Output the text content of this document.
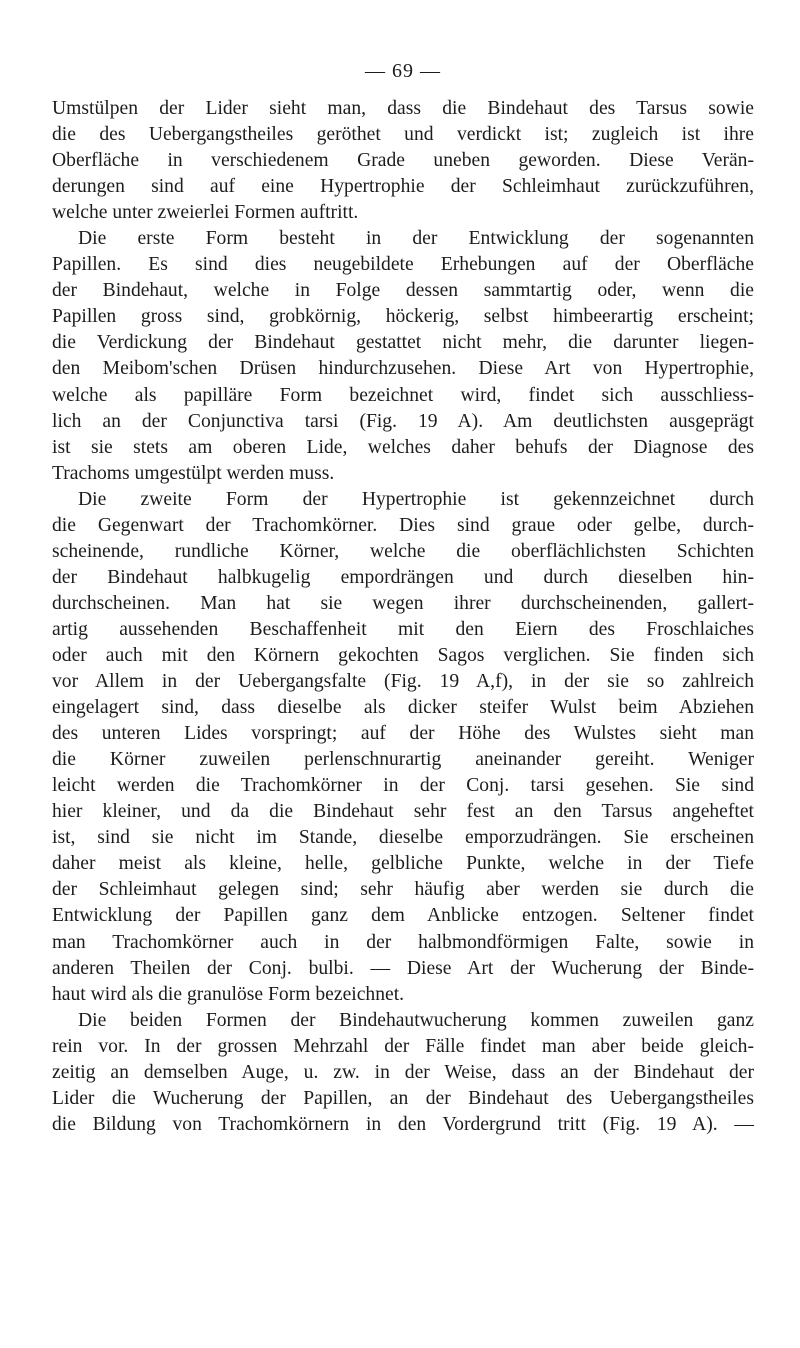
— 69 —
Umstülpen der Lider sieht man, dass die Bindehaut des Tarsus sowie
die des Uebergangstheiles geröthet und verdickt ist; zugleich ist ihre
Oberfläche in verschiedenem Grade uneben geworden. Diese Verän-
derungen sind auf eine Hypertrophie der Schleimhaut zurückzuführen,
welche unter zweierlei Formen auftritt.
Die erste Form besteht in der Entwicklung der sogenannten
Papillen. Es sind dies neugebildete Erhebungen auf der Oberfläche
der Bindehaut, welche in Folge dessen sammtartig oder, wenn die
Papillen gross sind, grobkörnig, höckerig, selbst himbeerartig erscheint;
die Verdickung der Bindehaut gestattet nicht mehr, die darunter liegen-
den Meibom'schen Drüsen hindurchzusehen. Diese Art von Hypertrophie,
welche als papilläre Form bezeichnet wird, findet sich ausschliess-
lich an der Conjunctiva tarsi (Fig. 19 A). Am deutlichsten ausgeprägt
ist sie stets am oberen Lide, welches daher behufs der Diagnose des
Trachoms umgestülpt werden muss.
Die zweite Form der Hypertrophie ist gekennzeichnet durch
die Gegenwart der Trachomkörner. Dies sind graue oder gelbe, durch-
scheinende, rundliche Körner, welche die oberflächlichsten Schichten
der Bindehaut halbkugelig empordrängen und durch dieselben hin-
durchscheinen. Man hat sie wegen ihrer durchscheinenden, gallert-
artig aussehenden Beschaffenheit mit den Eiern des Froschlaiches
oder auch mit den Körnern gekochten Sagos verglichen. Sie finden sich
vor Allem in der Uebergangsfalte (Fig. 19 A,f), in der sie so zahlreich
eingelagert sind, dass dieselbe als dicker steifer Wulst beim Abziehen
des unteren Lides vorspringt; auf der Höhe des Wulstes sieht man
die Körner zuweilen perlenschnurartig aneinander gereiht. Weniger
leicht werden die Trachomkörner in der Conj. tarsi gesehen. Sie sind
hier kleiner, und da die Bindehaut sehr fest an den Tarsus angeheftet
ist, sind sie nicht im Stande, dieselbe emporzudrängen. Sie erscheinen
daher meist als kleine, helle, gelbliche Punkte, welche in der Tiefe
der Schleimhaut gelegen sind; sehr häufig aber werden sie durch die
Entwicklung der Papillen ganz dem Anblicke entzogen. Seltener findet
man Trachomkörner auch in der halbmondförmigen Falte, sowie in
anderen Theilen der Conj. bulbi. — Diese Art der Wucherung der Binde-
haut wird als die granulöse Form bezeichnet.
Die beiden Formen der Bindehautwucherung kommen zuweilen ganz
rein vor. In der grossen Mehrzahl der Fälle findet man aber beide gleich-
zeitig an demselben Auge, u. zw. in der Weise, dass an der Bindehaut der
Lider die Wucherung der Papillen, an der Bindehaut des Uebergangstheiles
die Bildung von Trachomkörnern in den Vordergrund tritt (Fig. 19 A). —
